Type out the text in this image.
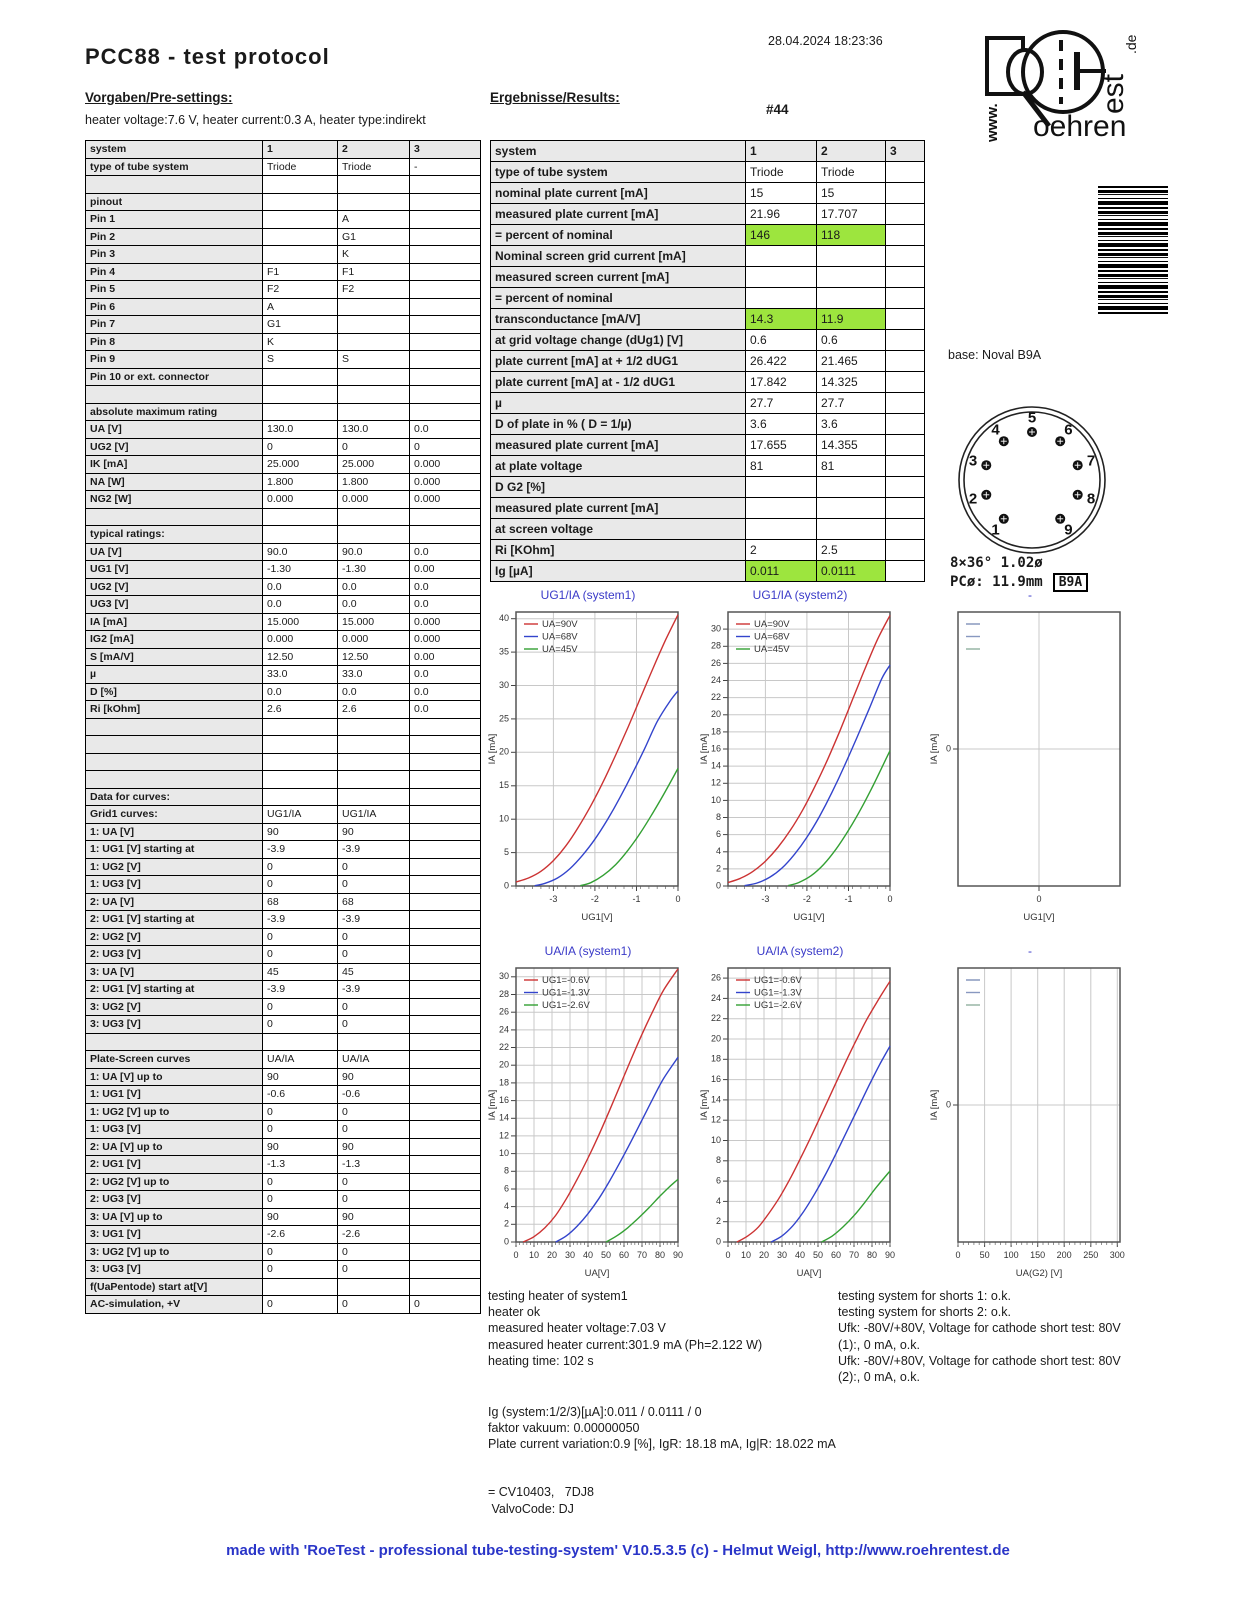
28.04.2024 18:23:36
PCC88 - test protocol
Vorgaben/Pre-settings:
heater voltage:7.6 V, heater current:0.3 A, heater type:indirekt
Ergebnisse/Results:
#44
oehren
www.
est
.de
base: Noval B9A
1
2
3
4
5
6
7
8
9
8×36° 1.02ø
PCø: 11.9mm B9A
system	1	2	3
type of tube system	Triode	Triode	-

pinout			
Pin 1		A	
Pin 2		G1	
Pin 3		K	
Pin 4	F1	F1	
Pin 5	F2	F2	
Pin 6	A		
Pin 7	G1		
Pin 8	K		
Pin 9	S	S	
Pin 10 or ext. connector			

absolute maximum rating			
UA [V]	130.0	130.0	0.0
UG2 [V]	0	0	0
IK [mA]	25.000	25.000	0.000
NA [W]	1.800	1.800	0.000
NG2 [W]	0.000	0.000	0.000

typical ratings:			
UA [V]	90.0	90.0	0.0
UG1 [V]	-1.30	-1.30	0.00
UG2 [V]	0.0	0.0	0.0
UG3 [V]	0.0	0.0	0.0
IA [mA]	15.000	15.000	0.000
IG2 [mA]	0.000	0.000	0.000
S [mA/V]	12.50	12.50	0.00
µ	33.0	33.0	0.0
D [%]	0.0	0.0	0.0
Ri [kOhm]	2.6	2.6	0.0

Data for curves:			
Grid1 curves:	UG1/IA	UG1/IA	
1: UA [V]	90	90	
1: UG1 [V] starting at	-3.9	-3.9	
1: UG2 [V]	0	0	
1: UG3 [V]	0	0	
2: UA [V]	68	68	
2: UG1 [V] starting at	-3.9	-3.9	
2: UG2 [V]	0	0	
2: UG3 [V]	0	0	
3: UA [V]	45	45	
2: UG1 [V] starting at	-3.9	-3.9	
3: UG2 [V]	0	0	
3: UG3 [V]	0	0	

Plate-Screen curves	UA/IA	UA/IA	
1: UA [V] up to	90	90	
1: UG1 [V]	-0.6	-0.6	
1: UG2 [V] up to	0	0	
1: UG3 [V]	0	0	
2: UA [V] up to	90	90	
2: UG1 [V]	-1.3	-1.3	
2: UG2 [V] up to	0	0	
2: UG3 [V]	0	0	
3: UA [V] up to	90	90	
3: UG1 [V]	-2.6	-2.6	
3: UG2 [V] up to	0	0	
3: UG3 [V]	0	0	
f(UaPentode) start at[V]			
AC-simulation, +V	0	0	0
system	1	2	3
type of tube system	Triode	Triode	
nominal plate current [mA]	15	15	
measured plate current [mA]	21.96	17.707	
= percent of nominal	146	118	
Nominal screen grid current [mA]			
measured screen current [mA]			
= percent of nominal			
transconductance [mA/V]	14.3	11.9	
at grid voltage change (dUg1) [V]	0.6	0.6	
plate current [mA] at + 1/2 dUG1	26.422	21.465	
plate current [mA] at - 1/2 dUG1	17.842	14.325	
µ	27.7	27.7	
D of plate in % ( D = 1/µ)	3.6	3.6	
measured plate current [mA]	17.655	14.355	
at plate voltage	81	81	
D G2 [%]			
measured plate current [mA]			
at screen voltage			
Ri [KOhm]	2	2.5	
Ig [µA]	0.011	0.0111	
UG1/IA (system1)
-3	-2	-1	0
0
5
10
15
20
25
30
35
40
UA=90V
UA=68V
UA=45V
IA [mA]
UG1[V]
UG1/IA (system2)
-3	-2	-1	0
0
2
4
6
8
10
12
14
16
18
20
22
24
26
28
30	UA=90V
UA=68V
UA=45V
IA [mA]
UG1[V]
-
0
0
IA [mA]
UG1[V]
UA/IA (system1)
0 10 20 30 40 50 60 70 80 90
0
2
4
6
8
10
12
14
16
18
20
22
24
26
28
30	UG1=-0.6V
UG1=-1.3V
UG1=-2.6V
IA [mA]
UA[V]
UA/IA (system2)
0 10 20 30 40 50 60 70 80 90
0
2
4
6
8
10
12
14
16
18
20
22
24
26	UG1=-0.6V
UG1=-1.3V
UG1=-2.6V
IA [mA]
UA[V]
-
0 50 100 150 200 250 300
0
IA [mA]
UA(G2) [V]
testing heater of system1
heater ok
measured heater voltage:7.03 V
measured heater current:301.9 mA (Ph=2.122 W)
heating time: 102 s
Ig (system:1/2/3)[µA]:0.011 / 0.0111 / 0
faktor vakuum: 0.00000050
Plate current variation:0.9 [%], IgR: 18.18 mA, Ig|R: 18.022 mA
= CV10403,   7DJ8
ValvoCode: DJ
testing system for shorts 1: o.k.
testing system for shorts 2: o.k.
Ufk: -80V/+80V, Voltage for cathode short test: 80V
(1):, 0 mA, o.k.
Ufk: -80V/+80V, Voltage for cathode short test: 80V
(2):, 0 mA, o.k.
made with 'RoeTest - professional tube-testing-system' V10.5.3.5 (c) - Helmut Weigl, http://www.roehrentest.de
